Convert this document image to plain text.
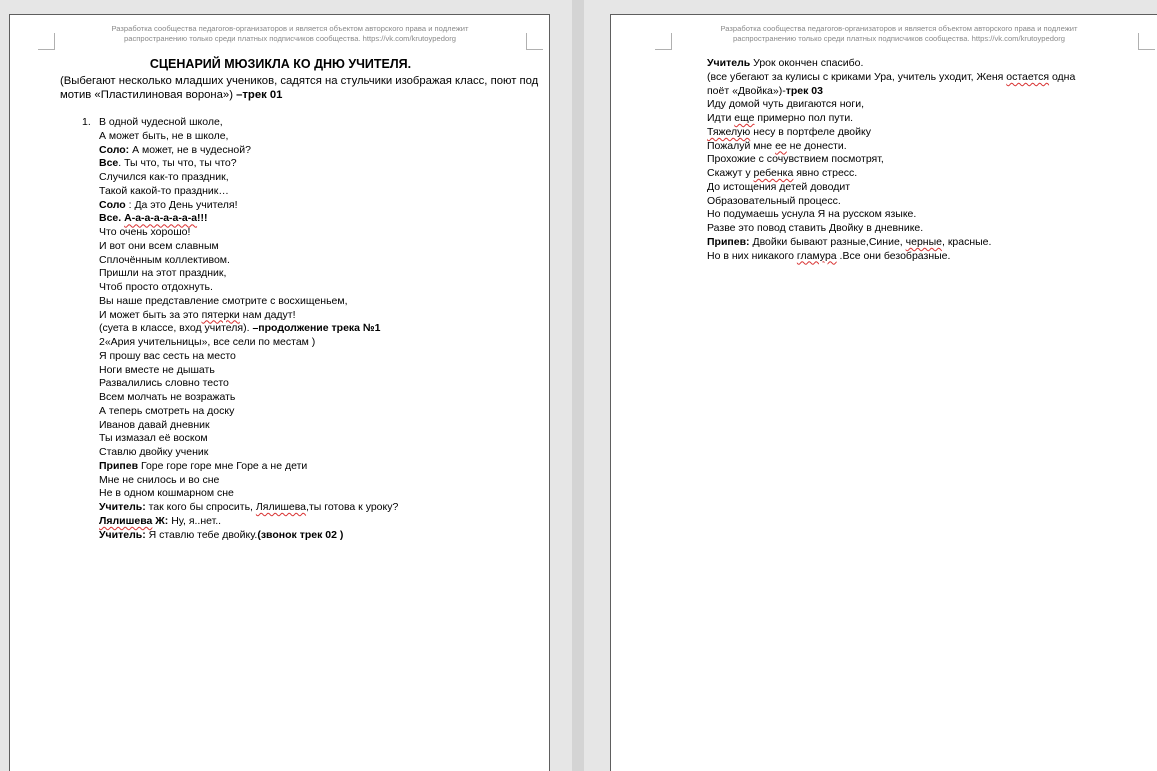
Разработка сообщества педагогов-организаторов и является объектом авторского права и подлежит
распространению только среди платных подписчиков сообщества. https://vk.com/krutoypedorg
СЦЕНАРИЙ МЮЗИКЛА КО ДНЮ УЧИТЕЛЯ.
(Выбегают несколько младших учеников, садятся на стульчики изображая класс, поют под мотив «Пластилиновая ворона») –трек 01
1. В одной чудесной школе,
А может быть, не в школе,
Соло: А может, не в чудесной?
Все. Ты что, ты что, ты что?
Случился как-то праздник,
Такой какой-то праздник…
Соло : Да это День учителя!
Все. А-а-а-а-а-а-а-а!!!
Что очень хорошо!
И вот они всем славным
Сплочённым коллективом.
Пришли на этот праздник,
Чтоб просто отдохнуть.
Вы наше представление смотрите с восхищеньем,
И может быть за это пятерки нам дадут!
(суета в классе, вход учителя). –продолжение трека №1
2«Ария учительницы», все сели по местам )
Я прошу вас сесть на место
Ноги вместе не дышать
Развалились словно тесто
Всем молчать не возражать
А теперь смотреть на доску
Иванов давай дневник
Ты измазал её воском
Ставлю двойку ученик
Припев Горе горе горе мне Горе а не дети
Мне не снилось и во сне
Не в одном кошмарном сне
Учитель: так кого бы спросить, Лялишева,ты готова к уроку?
Лялишева Ж: Ну, я..нет..
Учитель: Я ставлю тебе двойку.(звонок трек 02 )
Разработка сообщества педагогов-организаторов и является объектом авторского права и подлежит
распространению только среди платных подписчиков сообщества. https://vk.com/krutoypedorg
Учитель Урок окончен спасибо.
(все убегают за кулисы с криками Ура, учитель уходит, Женя остается одна
поёт «Двойка»)-трек 03
Иду домой чуть двигаются ноги,
Идти еще примерно пол пути.
Тяжелую несу в портфеле двойку
Пожалуй мне ее не донести.
Прохожие с сочувствием посмотрят,
Скажут у ребенка явно стресс.
До истощения детей доводит
Образовательный процесс.
Но подумаешь уснула Я на русском языке.
Разве это повод ставить Двойку в дневнике.
Припев: Двойки бывают разные,Синие, черные, красные.
Но в них никакого гламура .Все они безобразные.
